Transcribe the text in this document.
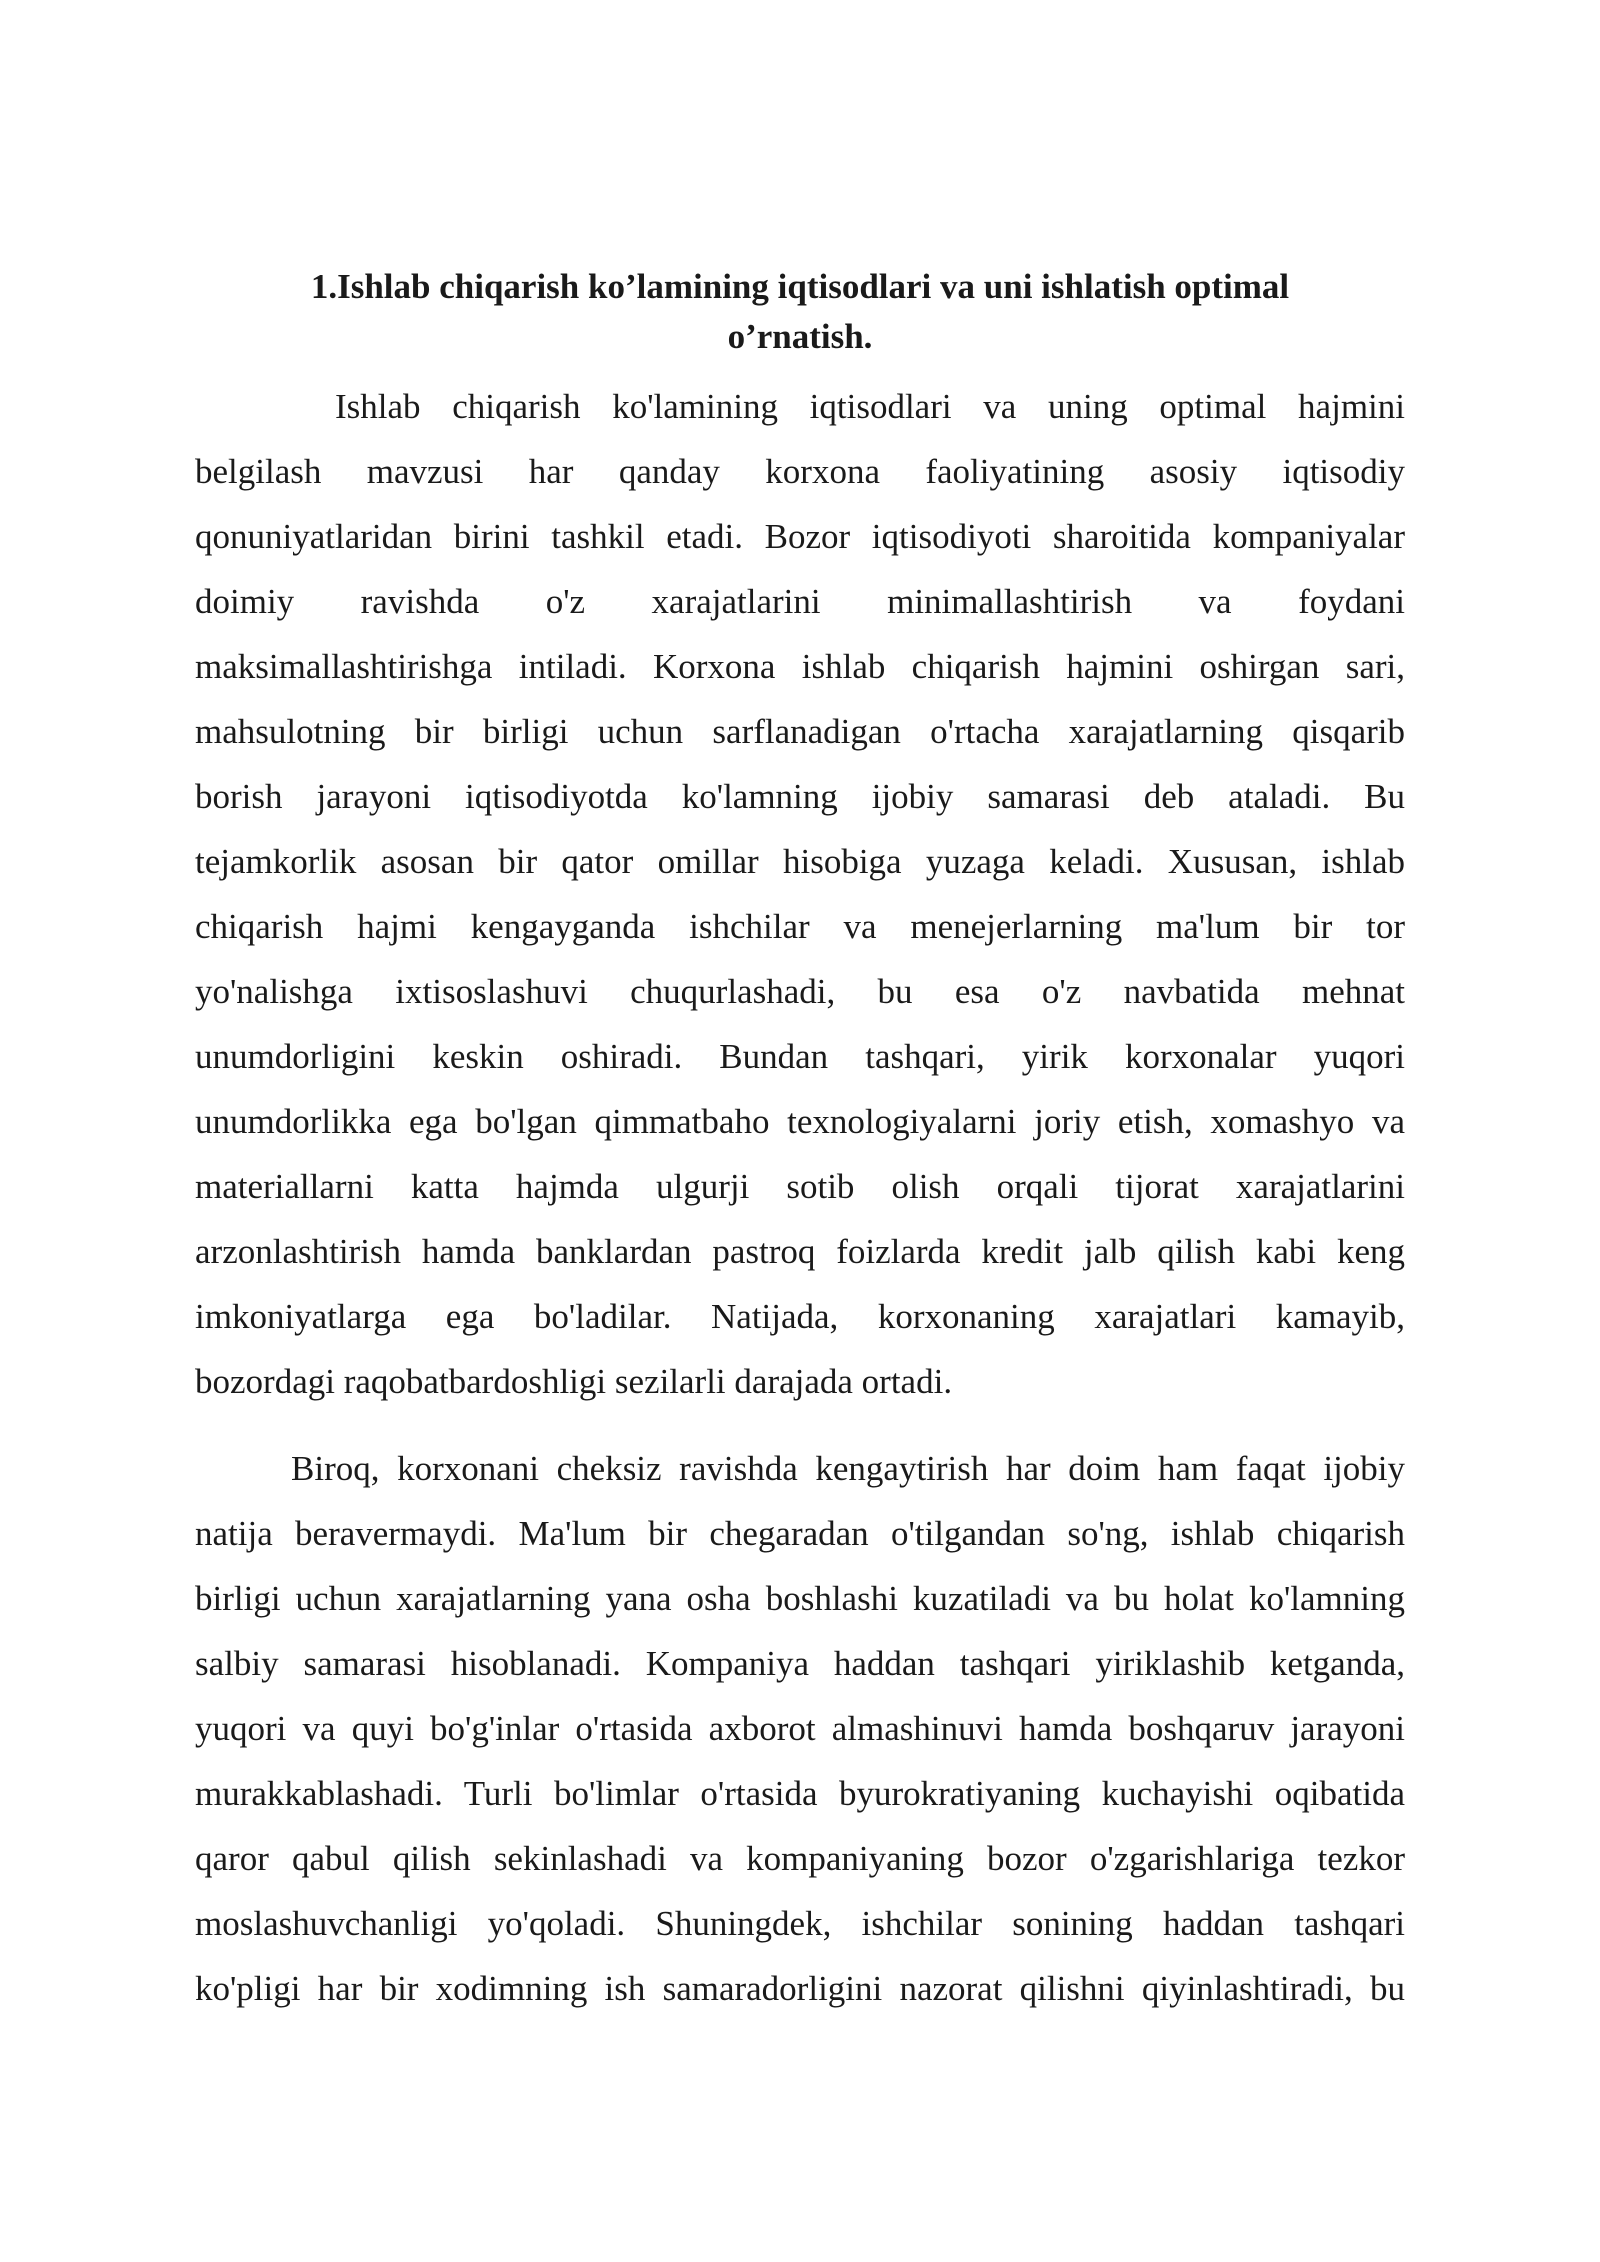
1.Ishlab chiqarish ko’lamining iqtisodlari va uni ishlatish optimal
o’rnatish.

Ishlab chiqarish ko'lamining iqtisodlari va uning optimal hajmini
belgilash mavzusi har qanday korxona faoliyatining asosiy iqtisodiy
qonuniyatlaridan birini tashkil etadi. Bozor iqtisodiyoti sharoitida kompaniyalar
doimiy ravishda o'z xarajatlarini minimallashtirish va foydani
maksimallashtirishga intiladi. Korxona ishlab chiqarish hajmini oshirgan sari,
mahsulotning bir birligi uchun sarflanadigan o'rtacha xarajatlarning qisqarib
borish jarayoni iqtisodiyotda ko'lamning ijobiy samarasi deb ataladi. Bu
tejamkorlik asosan bir qator omillar hisobiga yuzaga keladi. Xususan, ishlab
chiqarish hajmi kengayganda ishchilar va menejerlarning ma'lum bir tor
yo'nalishga ixtisoslashuvi chuqurlashadi, bu esa o'z navbatida mehnat
unumdorligini keskin oshiradi. Bundan tashqari, yirik korxonalar yuqori
unumdorlikka ega bo'lgan qimmatbaho texnologiyalarni joriy etish, xomashyo va
materiallarni katta hajmda ulgurji sotib olish orqali tijorat xarajatlarini
arzonlashtirish hamda banklardan pastroq foizlarda kredit jalb qilish kabi keng
imkoniyatlarga ega bo'ladilar. Natijada, korxonaning xarajatlari kamayib,
bozordagi raqobatbardoshligi sezilarli darajada ortadi.

Biroq, korxonani cheksiz ravishda kengaytirish har doim ham faqat ijobiy
natija beravermaydi. Ma'lum bir chegaradan o'tilgandan so'ng, ishlab chiqarish
birligi uchun xarajatlarning yana osha boshlashi kuzatiladi va bu holat ko'lamning
salbiy samarasi hisoblanadi. Kompaniya haddan tashqari yiriklashib ketganda,
yuqori va quyi bo'g'inlar o'rtasida axborot almashinuvi hamda boshqaruv jarayoni
murakkablashadi. Turli bo'limlar o'rtasida byurokratiyaning kuchayishi oqibatida
qaror qabul qilish sekinlashadi va kompaniyaning bozor o'zgarishlariga tezkor
moslashuvchanligi yo'qoladi. Shuningdek, ishchilar sonining haddan tashqari
ko'pligi har bir xodimning ish samaradorligini nazorat qilishni qiyinlashtiradi, bu
